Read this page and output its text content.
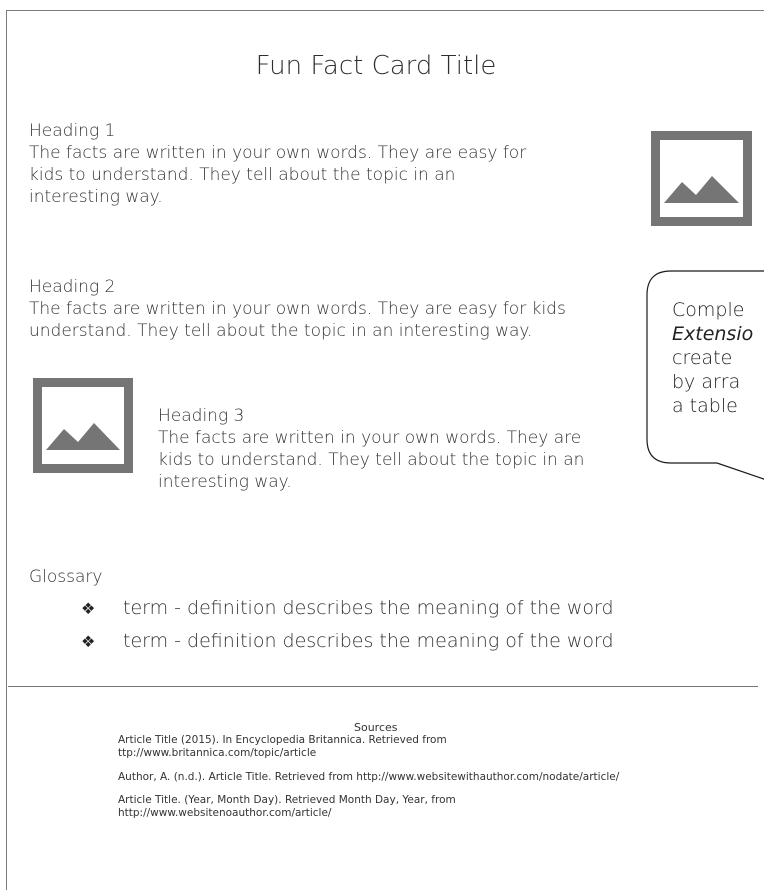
Fun Fact Card Title
Heading 1
The facts are written in your own words. They are easy for
kids to understand. They tell about the topic in an
interesting way.
Heading 2
The facts are written in your own words. They are easy for kids
understand. They tell about the topic in an interesting way.
Heading 3
The facts are written in your own words. They are
kids to understand. They tell about the topic in an
interesting way.
Comple
Extensio
create
by arra
a table
Glossary
❖ term - definition describes the meaning of the word
❖ term - definition describes the meaning of the word
Sources
Article Title (2015). In Encyclopedia Britannica. Retrieved from
ttp://www.britannica.com/topic/article
Author, A. (n.d.). Article Title. Retrieved from http://www.websitewithauthor.com/nodate/article/
Article Title. (Year, Month Day). Retrieved Month Day, Year, from
http://www.websitenoauthor.com/article/
